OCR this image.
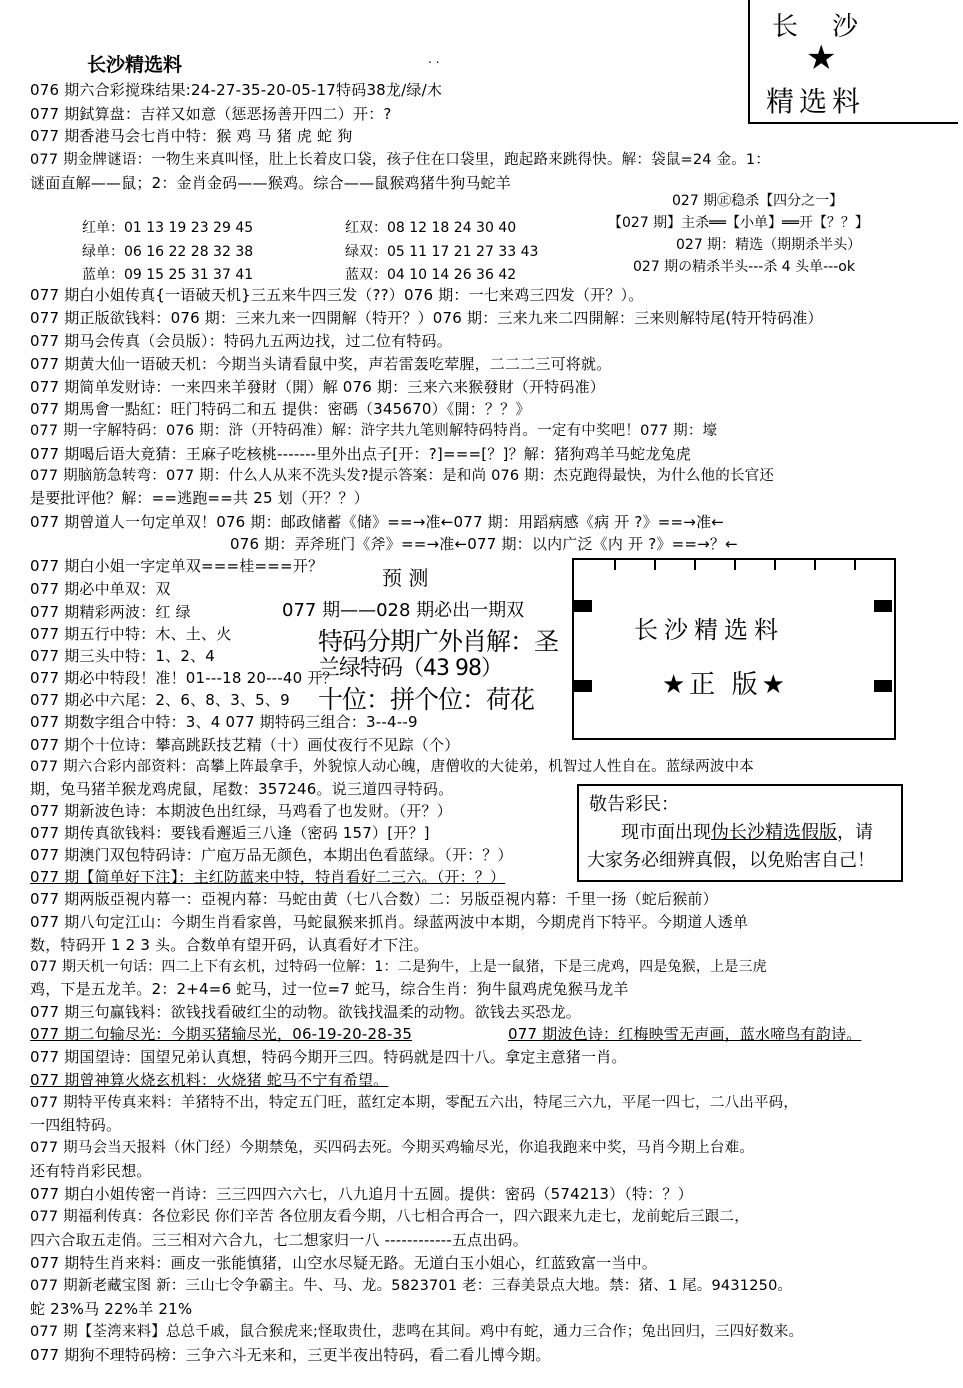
长沙
★
精选料
长沙精选料	. .
076 期六合彩搅珠结果:24-27-35-20-05-17特码38龙/绿/木
077 期鉽算盘：吉祥又如意（惩恶扬善开四二）开：?
077 期香港马会七肖中特：猴 鸡 马 猪 虎 蛇 狗
077 期金牌谜语：一物生来真叫怪，肚上长着皮口袋，孩子住在口袋里，跑起路来跳得快。解：袋鼠=24 金。1：
谜面直解——鼠；2：金肖金码——猴鸡。综合——鼠猴鸡猪牛狗马蛇羊
红单：01 13 19 23 29 45	红双：08 12 18 24 30 40
绿单：06 16 22 28 32 38	绿双：05 11 17 21 27 33 43
蓝单：09 15 25 31 37 41	蓝双：04 10 14 26 36 42
027 期㊣稳杀【四分之一】
【027 期】主杀══【小单】══开【？？】
027 期：精选（期期杀半头）
027 期の精杀半头---杀 4 头单---ok
077 期白小姐传真{一语破天机}三五来牛四三发（??）076 期：一七来鸡三四发（开？）。
077 期正版欲钱料：076 期：三来九来一四開解（特开？）076 期：三来九来二四開解：三来则解特尾(特开特码准）
077 期马会传真（会员版）：特码九五两边找，过二位有特码。
077 期黄大仙一语破天机：今期当头请看鼠中奖，声若雷轰吃荤腥，二二二三可将就。
077 期简单发财诗：一来四来羊發財（開）解 076 期：三来六来猴發財（开特码准）
077 期馬會一點紅：旺门特码二和五 提供：密碼（345670）《開：？？》
077 期一字解特码：076 期：浒（开特码准）解：浒字共九笔则解特码特肖。一定有中奖吧！077 期：壕
077 期喝后语大竟猜：王麻子吃核桃-------里外出点子[开：?]===[？]？解：猪狗鸡羊马蛇龙兔虎
077 期脑筋急转弯：077 期：什么人从来不洗头发?提示答案：是和尚 076 期：杰克跑得最快，为什么他的长官还
是要批评他？解：==逃跑==共 25 划（开？？）
077 期曾道人一句定单双！076 期：邮政储蓄《储》==→准←077 期：用蹈病感《病 开 ?》==→准←
076 期：弄斧班门《斧》==→准←077 期：以内广泛《内 开 ?》==→？←
077 期白小姐一字定单双===桂===开？
077 期必中单双：双
077 期精彩两波：红 绿
077 期五行中特：木、土、火
077 期三头中特：1、2、4
077 期必中特段！准！01---18 20---40 开？
077 期必中六尾：2、6、8、3、5、9
077 期数字组合中特：3、4 077 期特码三组合：3--4--9
077 期个十位诗：攀高跳跃技艺精（十）画仗夜行不见踪（个）
预 测
077 期——028 期必出一期双
特码分期广外肖解：圣
兰绿特码（43 98）
十位：拼个位：荷花
长沙精选料
★正 版★
077 期六合彩内部资料：高攀上阵最拿手，外貌惊人动心魄，唐僧收的大徒弟，机智过人性自在。蓝绿两波中本
期，兔马猪羊猴龙鸡虎鼠，尾数：357246。说三道四寻特码。
077 期新波色诗：本期波色出红绿，马鸡看了也发财。（开？）
077 期传真欲钱料：要钱看邂逅三八逢（密码 157）[开？]
077 期澳门双包特码诗：广庖万品无颜色，本期出色看蓝绿。（开：？）
敬告彩民：
现市面出现伪长沙精选假版，请
大家务必细辨真假，以免贻害自己！
077 期【简单好下注】：主红防蓝来中特，特肖看好二三六。（开：？）
077 期两版亞視内幕一：亞視内幕：马蛇由黄（七八合数）二：另版亞視内幕：千里一扬（蛇后猴前）
077 期八句定江山：今期生肖看家兽，马蛇鼠猴来抓肖。绿蓝两波中本期，今期虎肖下特平。今期道人透单
数，特码开 1 2 3 头。合数单有望开码，认真看好才下注。
077 期天机一句话：四二上下有玄机，过特码一位解：1：二是狗牛，上是一鼠猪，下是三虎鸡，四是兔猴，上是三虎
鸡，下是五龙羊。2：2+4=6 蛇马，过一位=7 蛇马，综合生肖：狗牛鼠鸡虎兔猴马龙羊
077 期三句赢钱料：欲钱找看破红尘的动物。欲钱找温柔的动物。欲钱去买恐龙。
077 期二句输尽光：今期买猪输尽光，06-19-20-28-35	077 期波色诗：红梅映雪无声画，蓝水啼鸟有韵诗。
077 期国望诗：国望兄弟认真想，特码今期开三四。特码就是四十八。拿定主意猪一肖。
077 期曾神算火烧玄机料：火烧猪 蛇马不宁有希望。
077 期特平传真来料：羊猪特不出，特定五门旺，蓝红定本期，零配五六出，特尾三六九，平尾一四七，二八出平码，
一四组特码。
077 期马会当天报料（休门经）今期禁兔，买四码去死。今期买鸡输尽光，你追我跑来中奖，马肖今期上台难。
还有特肖彩民想。
077 期白小姐传密一肖诗：三三四四六六七，八九追月十五圆。提供：密码（574213）（特：？）
077 期福利传真：各位彩民 你们辛苦 各位朋友看今期，八七相合再合一，四六跟来九走七，龙前蛇后三跟二，
四六合取五走俏。三三相对六合九，七二想家归一八 ------------五点出码。
077 期特生肖来料：画皮一张能慎猪，山空水尽疑无路。无道白玉小姐心，红蓝致富一当中。
077 期新老藏宝图 新：三山七令争霸主。牛、马、龙。5823701 老：三春美景点大地。禁：猪、1 尾。9431250。
蛇 23%马 22%羊 21%
077 期【荃湾来料】总总千戚，鼠合猴虎来;怪取贵仕，悲鸣在其间。鸡中有蛇，通力三合作；兔出回归，三四好数来。
077 期狗不理特码榜：三争六斗无来和，三更半夜出特码，看二看儿博今期。
